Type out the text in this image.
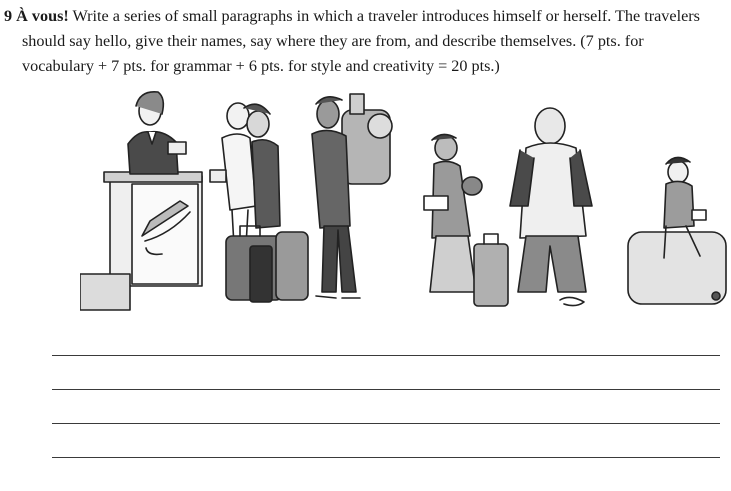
9 À vous! Write a series of small paragraphs in which a traveler introduces himself or herself. The travelers
should say hello, give their names, say where they are from, and describe themselves. (7 pts. for
vocabulary + 7 pts. for grammar + 6 pts. for style and creativity = 20 pts.)
